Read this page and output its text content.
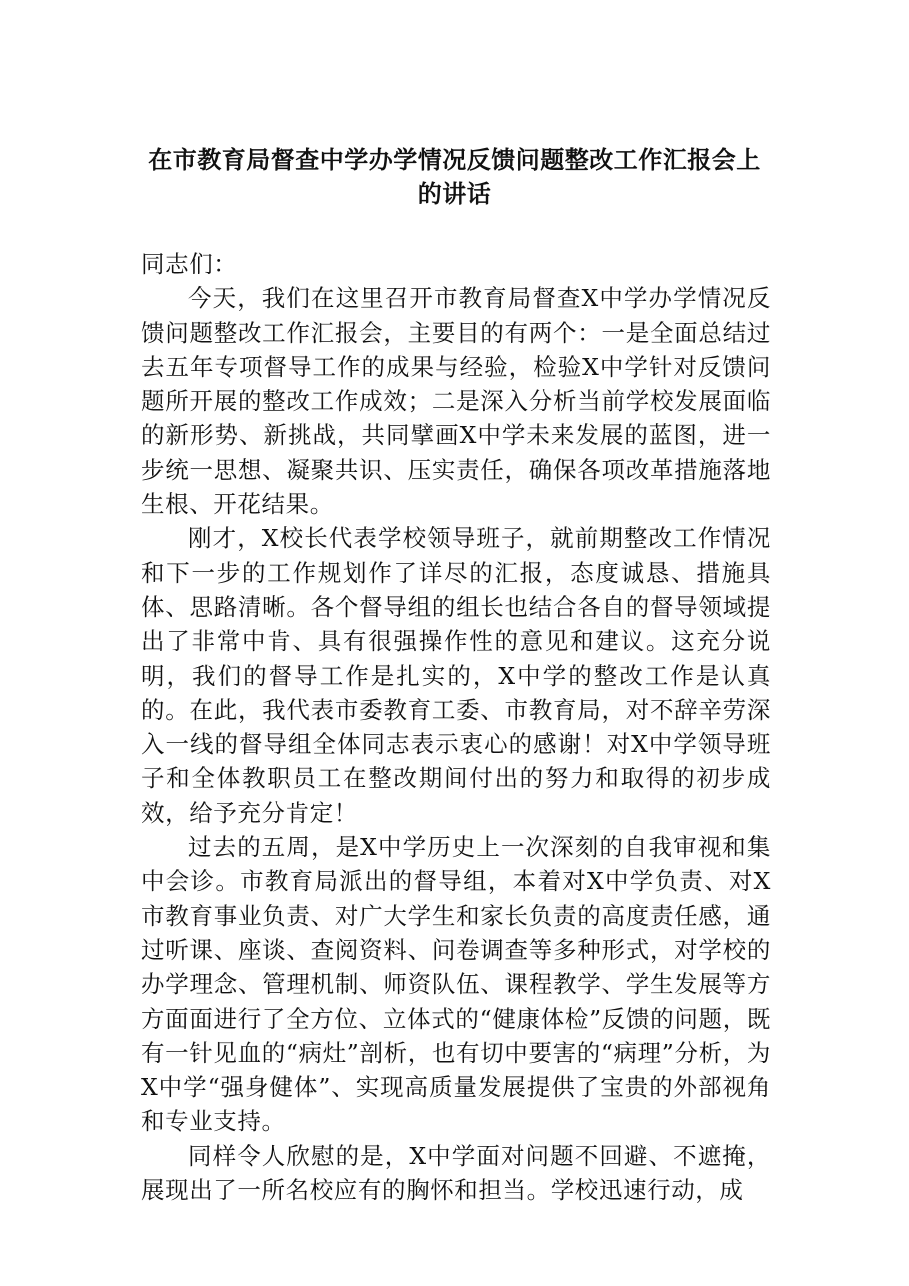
在市教育局督查中学办学情况反馈问题整改工作汇报会上
的讲话

同志们：

今天，我们在这里召开市教育局督查X中学办学情况反馈问题整改工作汇报会，主要目的有两个：一是全面总结过去五年专项督导工作的成果与经验，检验X中学针对反馈问题所开展的整改工作成效；二是深入分析当前学校发展面临的新形势、新挑战，共同擘画X中学未来发展的蓝图，进一步统一思想、凝聚共识、压实责任，确保各项改革措施落地生根、开花结果。

刚才，X校长代表学校领导班子，就前期整改工作情况和下一步的工作规划作了详尽的汇报，态度诚恳、措施具体、思路清晰。各个督导组的组长也结合各自的督导领域提出了非常中肯、具有很强操作性的意见和建议。这充分说明，我们的督导工作是扎实的，X中学的整改工作是认真的。在此，我代表市委教育工委、市教育局，对不辞辛劳深入一线的督导组全体同志表示衷心的感谢！对X中学领导班子和全体教职员工在整改期间付出的努力和取得的初步成效，给予充分肯定！

过去的五周，是X中学历史上一次深刻的自我审视和集中会诊。市教育局派出的督导组，本着对X中学负责、对X市教育事业负责、对广大学生和家长负责的高度责任感，通过听课、座谈、查阅资料、问卷调查等多种形式，对学校的办学理念、管理机制、师资队伍、课程教学、学生发展等方方面面进行了全方位、立体式的“健康体检”反馈的问题，既有一针见血的“病灶”剖析，也有切中要害的“病理”分析，为X中学“强身健体”、实现高质量发展提供了宝贵的外部视角和专业支持。

同样令人欣慰的是，X中学面对问题不回避、不遮掩，展现出了一所名校应有的胸怀和担当。学校迅速行动，成
